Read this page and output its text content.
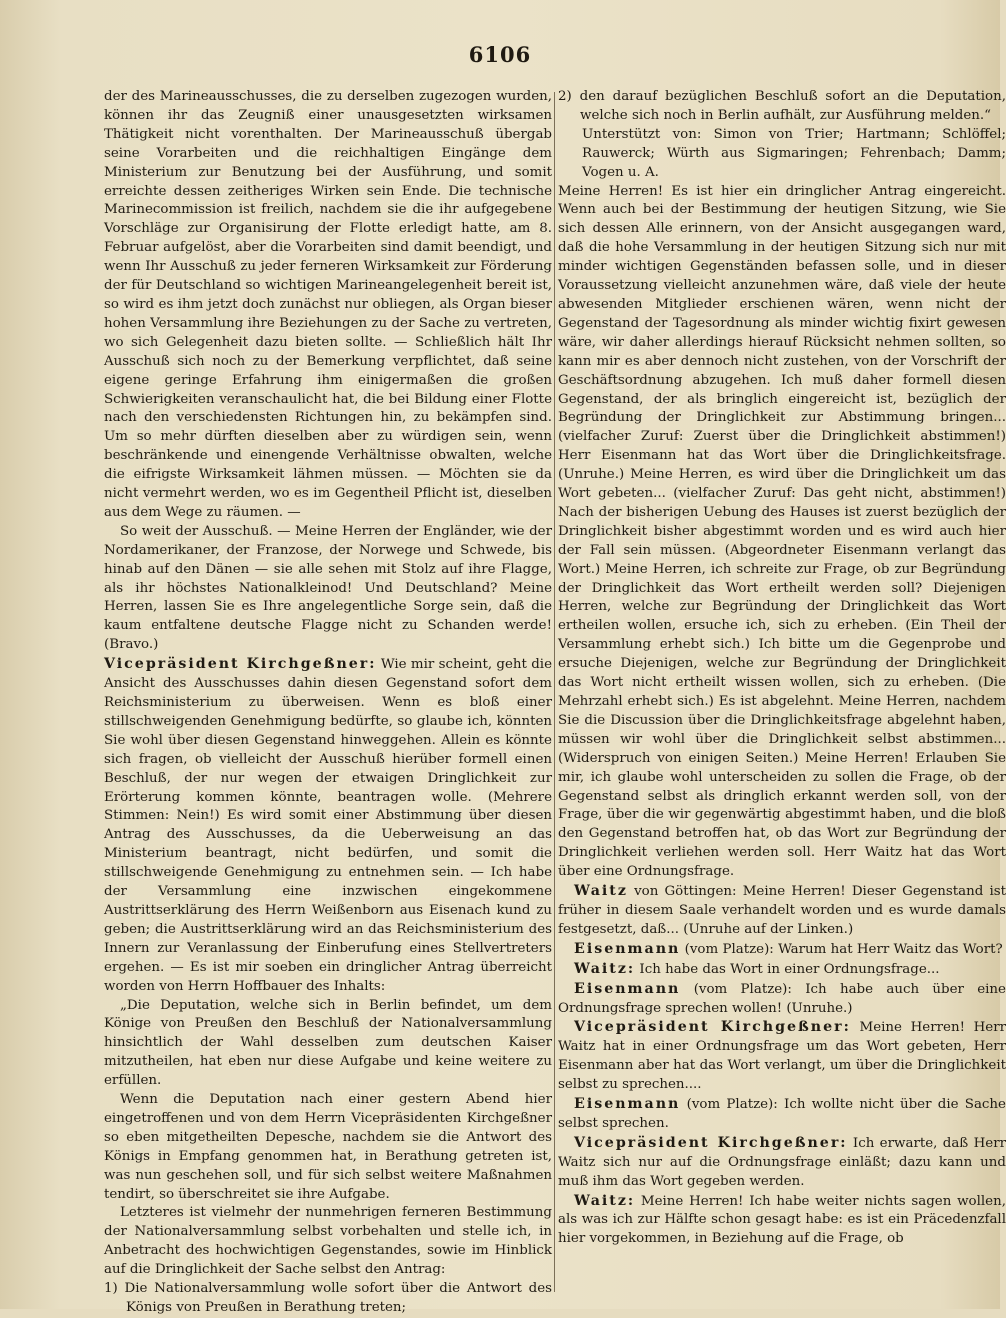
6106

der des Marineausschusses, die zu derselben zugezogen wurden, können ihr das Zeugniß einer unausgesetzten wirksamen Thätigkeit nicht vorenthalten. Der Marineausschuß übergab seine Vorarbeiten und die reichhaltigen Eingänge dem Ministerium zur Benutzung bei der Ausführung, und somit erreichte dessen zeitheriges Wirken sein Ende. Die technische Marinecommission ist freilich, nachdem sie die ihr aufgegebene Vorschläge zur Organisirung der Flotte erledigt hatte, am 8. Februar aufgelöst, aber die Vorarbeiten sind damit beendigt, und wenn Ihr Ausschuß zu jeder ferneren Wirksamkeit zur Förderung der für Deutschland so wichtigen Marineangelegenheit bereit ist, so wird es ihm jetzt doch zunächst nur obliegen, als Organ bieser hohen Versammlung ihre Beziehungen zu der Sache zu vertreten, wo sich Gelegenheit dazu bieten sollte. — Schließlich hält Ihr Ausschuß sich noch zu der Bemerkung verpflichtet, daß seine eigene geringe Erfahrung ihm einigermaßen die großen Schwierigkeiten veranschaulicht hat, die bei Bildung einer Flotte nach den verschiedensten Richtungen hin, zu bekämpfen sind. Um so mehr dürften dieselben aber zu würdigen sein, wenn beschränkende und einengende Verhältnisse obwalten, welche die eifrigste Wirksamkeit lähmen müssen. — Möchten sie da nicht vermehrt werden, wo es im Gegentheil Pflicht ist, dieselben aus dem Wege zu räumen. —

So weit der Ausschuß. — Meine Herren der Engländer, wie der Nordamerikaner, der Franzose, der Norwege und Schwede, bis hinab auf den Dänen — sie alle sehen mit Stolz auf ihre Flagge, als ihr höchstes Nationalkleinod! Und Deutschland? Meine Herren, lassen Sie es Ihre angelegentliche Sorge sein, daß die kaum entfaltene deutsche Flagge nicht zu Schanden werde! (Bravo.)

Vicepräsident Kirchgeßner: Wie mir scheint, geht die Ansicht des Ausschusses dahin diesen Gegenstand sofort dem Reichsministerium zu überweisen. Wenn es bloß einer stillschweigenden Genehmigung bedürfte, so glaube ich, könnten Sie wohl über diesen Gegenstand hinweggehen. Allein es könnte sich fragen, ob vielleicht der Ausschuß hierüber formell einen Beschluß, der nur wegen der etwaigen Dringlichkeit zur Erörterung kommen könnte, beantragen wolle. (Mehrere Stimmen: Nein!) Es wird somit einer Abstimmung über diesen Antrag des Ausschusses, da die Ueberweisung an das Ministerium beantragt, nicht bedürfen, und somit die stillschweigende Genehmigung zu entnehmen sein. — Ich habe der Versammlung eine inzwischen eingekommene Austrittserklärung des Herrn Weißenborn aus Eisenach kund zu geben; die Austrittserklärung wird an das Reichsministerium des Innern zur Veranlassung der Einberufung eines Stellvertreters ergehen. — Es ist mir soeben ein dringlicher Antrag überreicht worden von Herrn Hoffbauer des Inhalts:

„Die Deputation, welche sich in Berlin befindet, um dem Könige von Preußen den Beschluß der Nationalversammlung hinsichtlich der Wahl desselben zum deutschen Kaiser mitzutheilen, hat eben nur diese Aufgabe und keine weitere zu erfüllen.

Wenn die Deputation nach einer gestern Abend hier eingetroffenen und von dem Herrn Vicepräsidenten Kirchgeßner so eben mitgetheilten Depesche, nachdem sie die Antwort des Königs in Empfang genommen hat, in Berathung getreten ist, was nun geschehen soll, und für sich selbst weitere Maßnahmen tendirt, so überschreitet sie ihre Aufgabe.

Letzteres ist vielmehr der nunmehrigen ferneren Bestimmung der Nationalversammlung selbst vorbehalten und stelle ich, in Anbetracht des hochwichtigen Gegenstandes, sowie im Hinblick auf die Dringlichkeit der Sache selbst den Antrag:

1) Die Nationalversammlung wolle sofort über die Antwort des Königs von Preußen in Berathung treten;

2) den darauf bezüglichen Beschluß sofort an die Deputation, welche sich noch in Berlin aufhält, zur Ausführung melden.“

Unterstützt von: Simon von Trier; Hartmann; Schlöffel; Rauwerck; Würth aus Sigmaringen; Fehrenbach; Damm; Vogen u. A.

Meine Herren! Es ist hier ein dringlicher Antrag eingereicht. Wenn auch bei der Bestimmung der heutigen Sitzung, wie Sie sich dessen Alle erinnern, von der Ansicht ausgegangen ward, daß die hohe Versammlung in der heutigen Sitzung sich nur mit minder wichtigen Gegenständen befassen solle, und in dieser Voraussetzung vielleicht anzunehmen wäre, daß viele der heute abwesenden Mitglieder erschienen wären, wenn nicht der Gegenstand der Tagesordnung als minder wichtig fixirt gewesen wäre, wir daher allerdings hierauf Rücksicht nehmen sollten, so kann mir es aber dennoch nicht zustehen, von der Vorschrift der Geschäftsordnung abzugehen. Ich muß daher formell diesen Gegenstand, der als bringlich eingereicht ist, bezüglich der Begründung der Dringlichkeit zur Abstimmung bringen... (vielfacher Zuruf: Zuerst über die Dringlichkeit abstimmen!) Herr Eisenmann hat das Wort über die Dringlichkeitsfrage. (Unruhe.) Meine Herren, es wird über die Dringlichkeit um das Wort gebeten... (vielfacher Zuruf: Das geht nicht, abstimmen!) Nach der bisherigen Uebung des Hauses ist zuerst bezüglich der Dringlichkeit bisher abgestimmt worden und es wird auch hier der Fall sein müssen. (Abgeordneter Eisenmann verlangt das Wort.) Meine Herren, ich schreite zur Frage, ob zur Begründung der Dringlichkeit das Wort ertheilt werden soll? Diejenigen Herren, welche zur Begründung der Dringlichkeit das Wort ertheilen wollen, ersuche ich, sich zu erheben. (Ein Theil der Versammlung erhebt sich.) Ich bitte um die Gegenprobe und ersuche Diejenigen, welche zur Begründung der Dringlichkeit das Wort nicht ertheilt wissen wollen, sich zu erheben. (Die Mehrzahl erhebt sich.) Es ist abgelehnt. Meine Herren, nachdem Sie die Discussion über die Dringlichkeitsfrage abgelehnt haben, müssen wir wohl über die Dringlichkeit selbst abstimmen... (Widerspruch von einigen Seiten.) Meine Herren! Erlauben Sie mir, ich glaube wohl unterscheiden zu sollen die Frage, ob der Gegenstand selbst als dringlich erkannt werden soll, von der Frage, über die wir gegenwärtig abgestimmt haben, und die bloß den Gegenstand betroffen hat, ob das Wort zur Begründung der Dringlichkeit verliehen werden soll. Herr Waitz hat das Wort über eine Ordnungsfrage.

Waitz von Göttingen: Meine Herren! Dieser Gegenstand ist früher in diesem Saale verhandelt worden und es wurde damals festgesetzt, daß... (Unruhe auf der Linken.)

Eisenmann (vom Platze): Warum hat Herr Waitz das Wort?

Waitz: Ich habe das Wort in einer Ordnungsfrage...

Eisenmann (vom Platze): Ich habe auch über eine Ordnungsfrage sprechen wollen! (Unruhe.)

Vicepräsident Kirchgeßner: Meine Herren! Herr Waitz hat in einer Ordnungsfrage um das Wort gebeten, Herr Eisenmann aber hat das Wort verlangt, um über die Dringlichkeit selbst zu sprechen....

Eisenmann (vom Platze): Ich wollte nicht über die Sache selbst sprechen.

Vicepräsident Kirchgeßner: Ich erwarte, daß Herr Waitz sich nur auf die Ordnungsfrage einläßt; dazu kann und muß ihm das Wort gegeben werden.

Waitz: Meine Herren! Ich habe weiter nichts sagen wollen, als was ich zur Hälfte schon gesagt habe: es ist ein Präcedenzfall hier vorgekommen, in Beziehung auf die Frage, ob
